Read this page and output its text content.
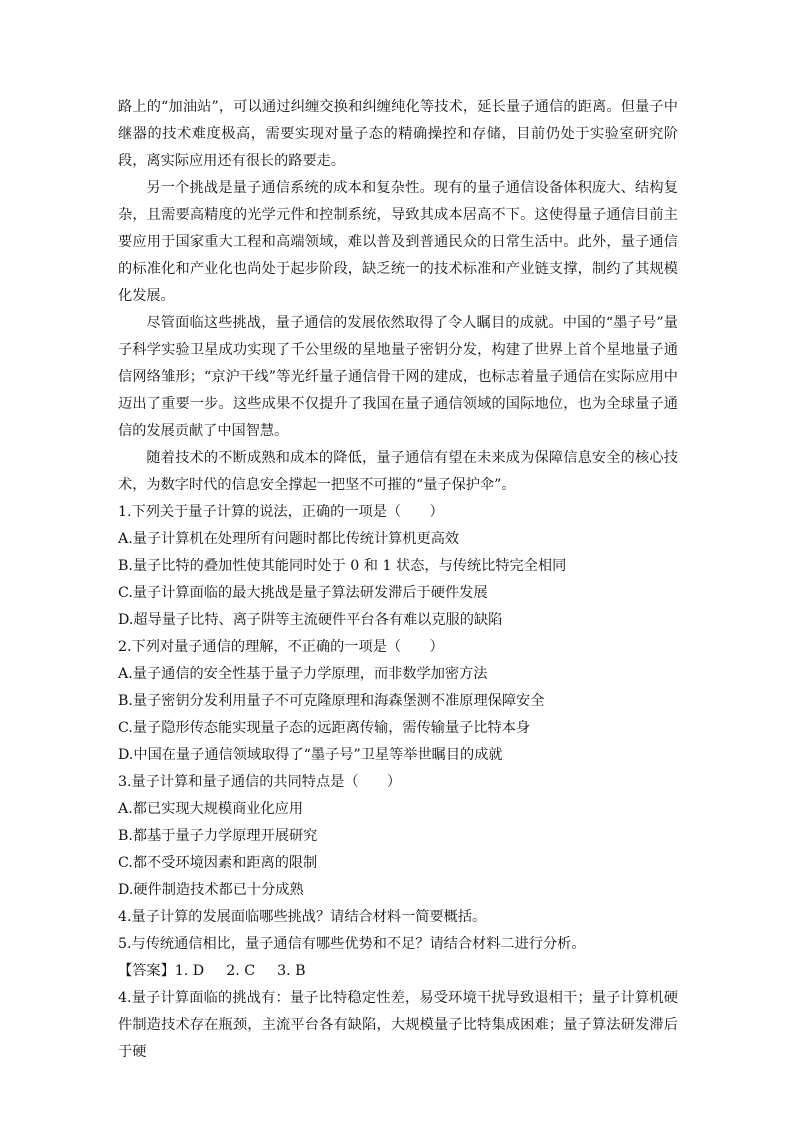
路上的“加油站”，可以通过纠缠交换和纠缠纯化等技术，延长量子通信的距离。但量子中继器的技术难度极高，需要实现对量子态的精确操控和存储，目前仍处于实验室研究阶段，离实际应用还有很长的路要走。

另一个挑战是量子通信系统的成本和复杂性。现有的量子通信设备体积庞大、结构复杂，且需要高精度的光学元件和控制系统，导致其成本居高不下。这使得量子通信目前主要应用于国家重大工程和高端领域，难以普及到普通民众的日常生活中。此外，量子通信的标准化和产业化也尚处于起步阶段，缺乏统一的技术标准和产业链支撑，制约了其规模化发展。

尽管面临这些挑战，量子通信的发展依然取得了令人瞩目的成就。中国的“墨子号”量子科学实验卫星成功实现了千公里级的星地量子密钥分发，构建了世界上首个星地量子通信网络雏形；“京沪干线”等光纤量子通信骨干网的建成，也标志着量子通信在实际应用中迈出了重要一步。这些成果不仅提升了我国在量子通信领域的国际地位，也为全球量子通信的发展贡献了中国智慧。

随着技术的不断成熟和成本的降低，量子通信有望在未来成为保障信息安全的核心技术，为数字时代的信息安全撑起一把坚不可摧的“量子保护伞”。

1.下列关于量子计算的说法，正确的一项是（　　）

A.量子计算机在处理所有问题时都比传统计算机更高效

B.量子比特的叠加性使其能同时处于 0 和 1 状态，与传统比特完全相同

C.量子计算面临的最大挑战是量子算法研发滞后于硬件发展

D.超导量子比特、离子阱等主流硬件平台各有难以克服的缺陷

2.下列对量子通信的理解，不正确的一项是（　　）

A.量子通信的安全性基于量子力学原理，而非数学加密方法

B.量子密钥分发利用量子不可克隆原理和海森堡测不准原理保障安全

C.量子隐形传态能实现量子态的远距离传输，需传输量子比特本身

D.中国在量子通信领域取得了“墨子号”卫星等举世瞩目的成就

3.量子计算和量子通信的共同特点是（　　）

A.都已实现大规模商业化应用

B.都基于量子力学原理开展研究

C.都不受环境因素和距离的限制

D.硬件制造技术都已十分成熟

4.量子计算的发展面临哪些挑战？请结合材料一简要概括。

5.与传统通信相比，量子通信有哪些优势和不足？请结合材料二进行分析。

【答案】1. D 2. C 3. B

4.量子计算面临的挑战有：量子比特稳定性差，易受环境干扰导致退相干；量子计算机硬件制造技术存在瓶颈，主流平台各有缺陷，大规模量子比特集成困难；量子算法研发滞后于硬
